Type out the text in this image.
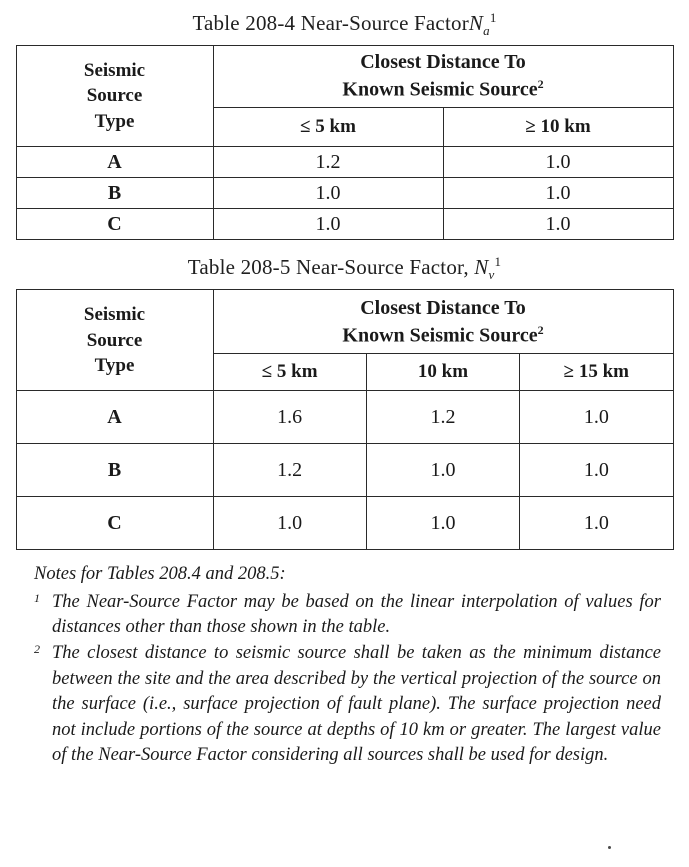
Table 208-4 Near-Source FactorN$_a^1$
Seismic
Source
Type

Closest Distance To
Known Seismic Source$^2$

	≤ 5 km	≥ 10 km
A	1.2	1.0
B	1.0	1.0
C	1.0	1.0
Table 208-5 Near-Source Factor, $N_v^1$
Seismic
Source
Type

Closest Distance To
Known Seismic Source$^2$

	≤ 5 km	10 km	≥ 15 km
A	1.6	1.2	1.0
B	1.2	1.0	1.0
C	1.0	1.0	1.0
Notes for Tables 208.4 and 208.5:
1 The Near-Source Factor may be based on the linear interpolation of values for distances other than those shown in the table.
2 The closest distance to seismic source shall be taken as the minimum distance between the site and the area described by the vertical projection of the source on the surface (i.e., surface projection of fault plane). The surface projection need not include portions of the source at depths of 10 km or greater. The largest value of the Near-Source Factor considering all sources shall be used for design.
